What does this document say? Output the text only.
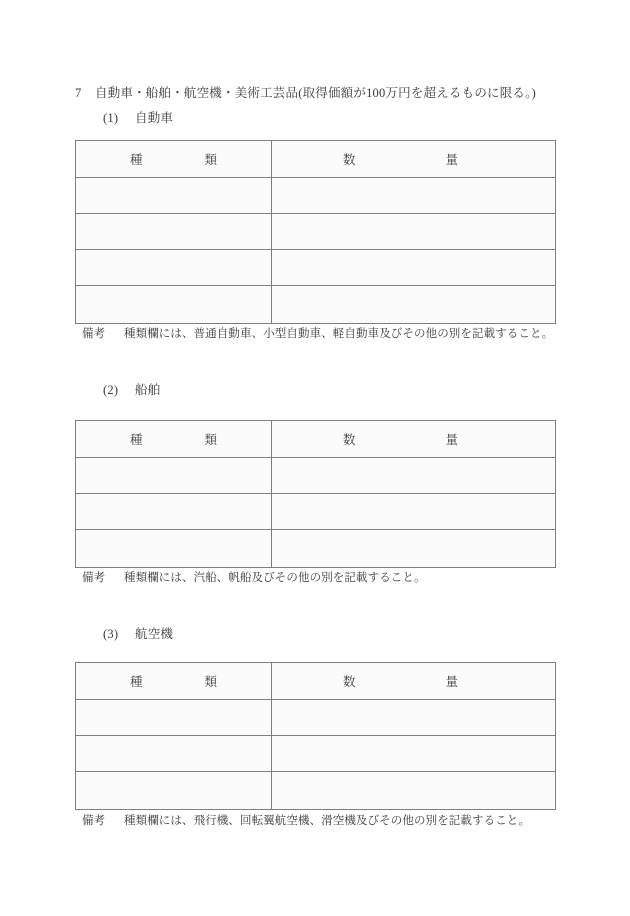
7 自動車・船舶・航空機・美術工芸品(取得価額が100万円を超えるものに限る。)
(1) 自動車
種 類	数 量

備考 種類欄には、普通自動車、小型自動車、軽自動車及びその他の別を記載すること。
(2) 船舶
種 類	数 量

備考 種類欄には、汽船、帆船及びその他の別を記載すること。
(3) 航空機
種 類	数 量

備考 種類欄には、飛行機、回転翼航空機、滑空機及びその他の別を記載すること。
